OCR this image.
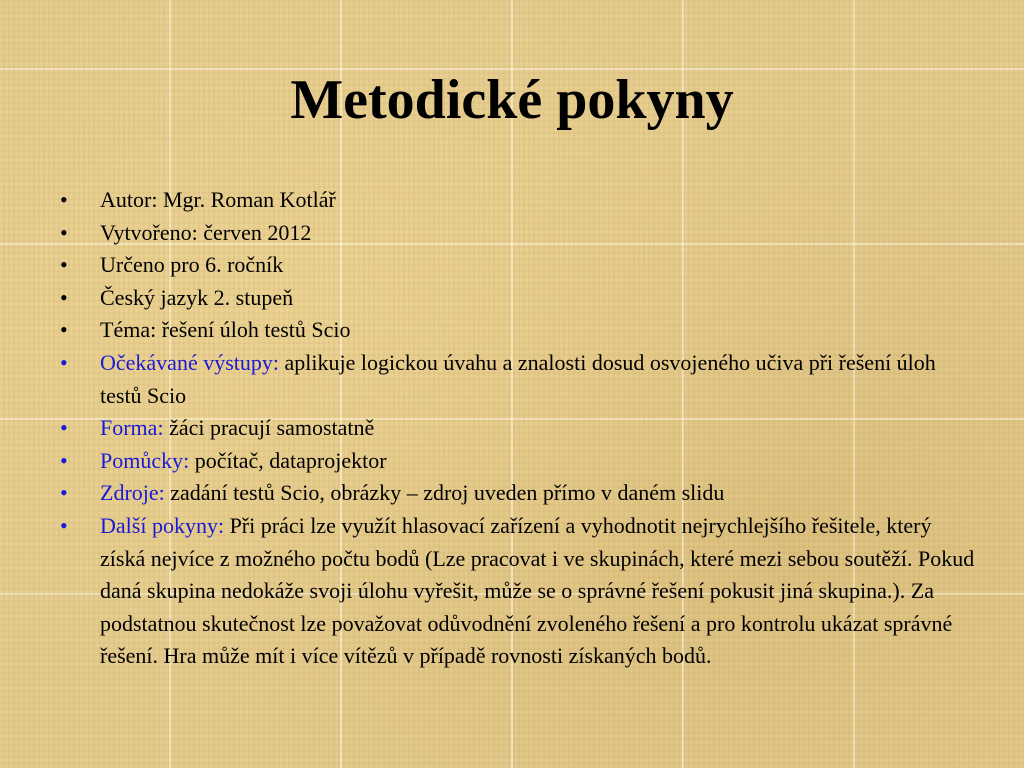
Metodické pokyny
•	Autor: Mgr. Roman Kotlář
•	Vytvořeno: červen 2012
•	Určeno pro 6. ročník
•	Český jazyk 2. stupeň
•	Téma: řešení úloh testů Scio
•	Očekávané výstupy: aplikuje logickou úvahu a znalosti dosud osvojeného učiva při řešení úloh testů Scio
•	Forma: žáci pracují samostatně
•	Pomůcky: počítač, dataprojektor
•	Zdroje: zadání testů Scio, obrázky – zdroj uveden přímo v daném slidu
•	Další pokyny: Při práci lze využít hlasovací zařízení a vyhodnotit nejrychlejšího řešitele, který získá nejvíce z možného počtu bodů (Lze pracovat i ve skupinách, které mezi sebou soutěží. Pokud daná skupina nedokáže svoji úlohu vyřešit, může se o správné řešení pokusit jiná skupina.). Za podstatnou skutečnost lze považovat odůvodnění zvoleného řešení a pro kontrolu ukázat správné řešení. Hra může mít i více vítězů v případě rovnosti získaných bodů.
